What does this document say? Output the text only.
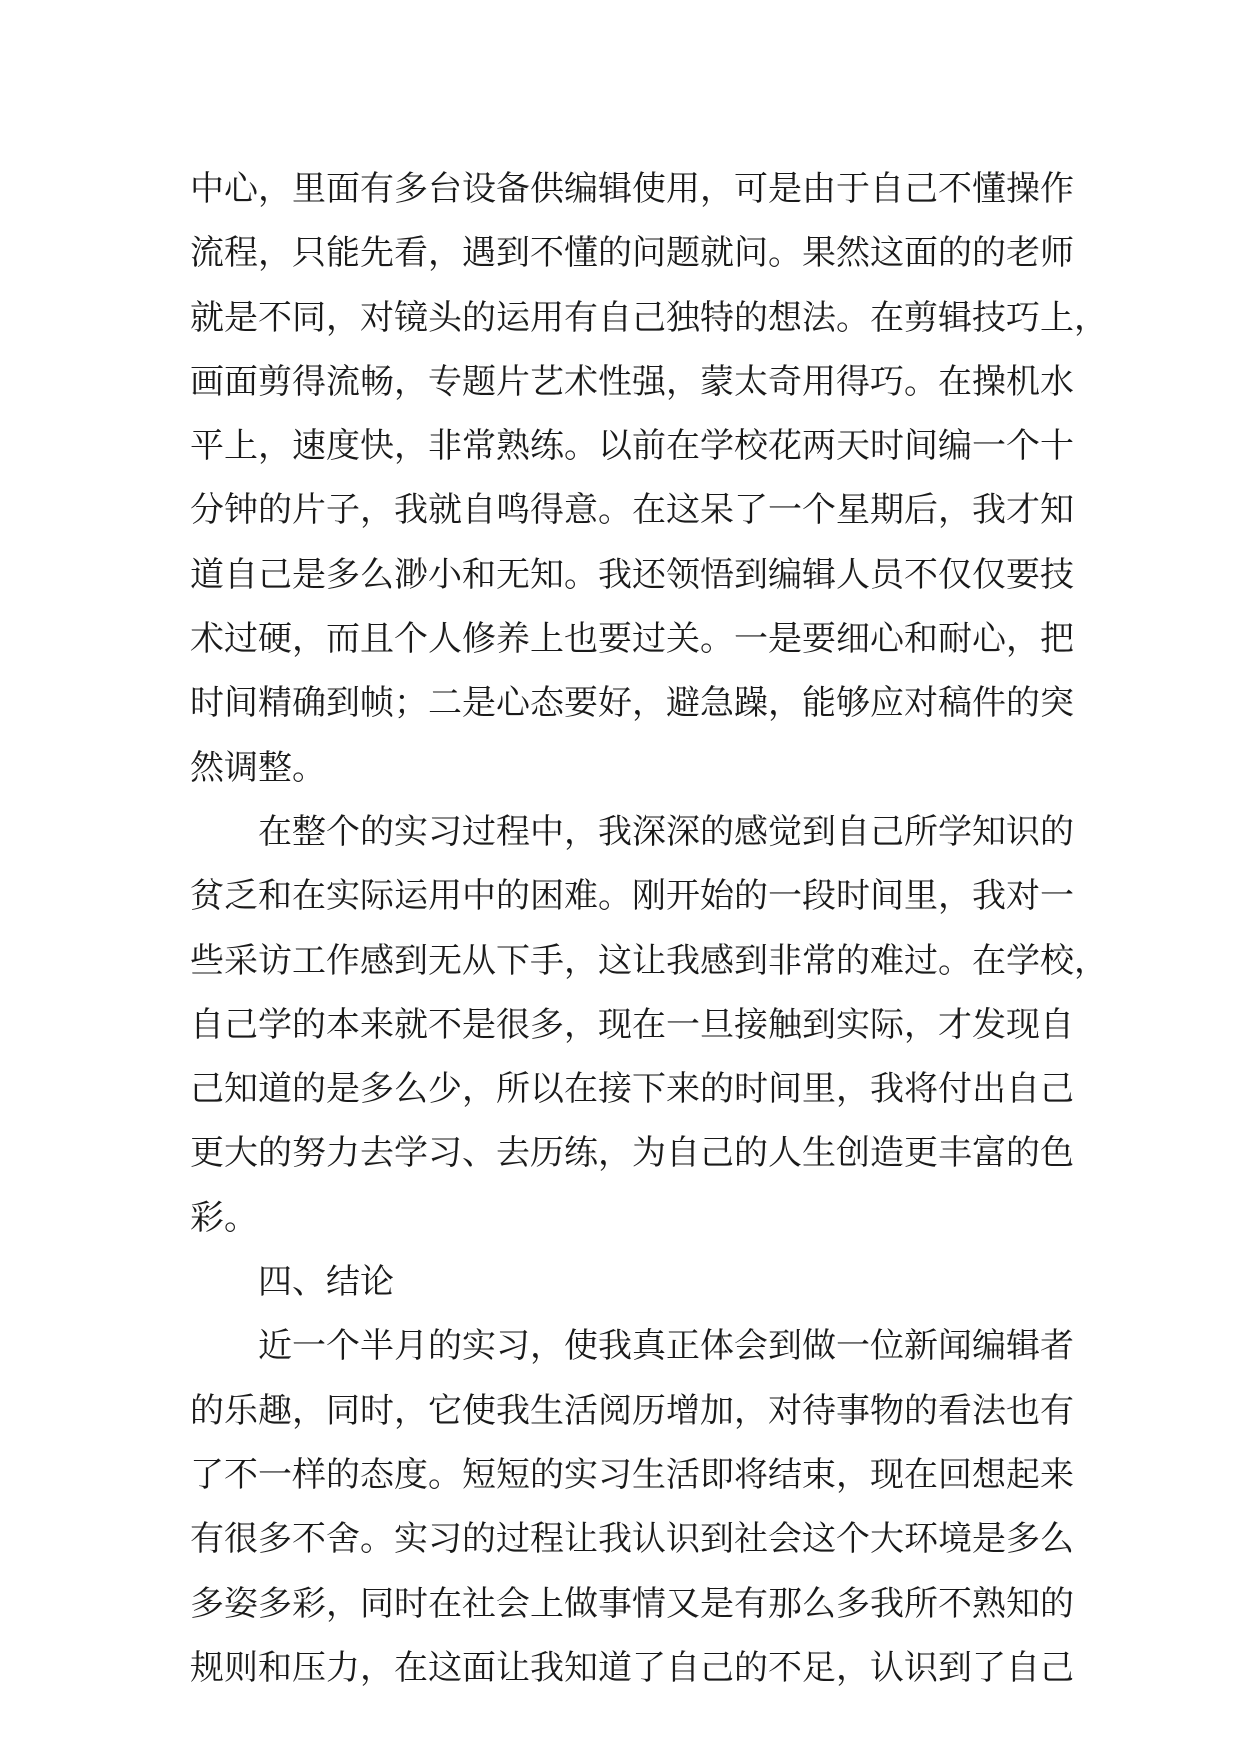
中心，里面有多台设备供编辑使用，可是由于自己不懂操作
流程，只能先看，遇到不懂的问题就问。果然这面的的老师
就是不同，对镜头的运用有自己独特的想法。在剪辑技巧上，
画面剪得流畅，专题片艺术性强，蒙太奇用得巧。在操机水
平上，速度快，非常熟练。以前在学校花两天时间编一个十
分钟的片子，我就自鸣得意。在这呆了一个星期后，我才知
道自己是多么渺小和无知。我还领悟到编辑人员不仅仅要技
术过硬，而且个人修养上也要过关。一是要细心和耐心，把
时间精确到帧；二是心态要好，避急躁，能够应对稿件的突
然调整。
在整个的实习过程中，我深深的感觉到自己所学知识的
贫乏和在实际运用中的困难。刚开始的一段时间里，我对一
些采访工作感到无从下手，这让我感到非常的难过。在学校，
自己学的本来就不是很多，现在一旦接触到实际，才发现自
己知道的是多么少，所以在接下来的时间里，我将付出自己
更大的努力去学习、去历练，为自己的人生创造更丰富的色
彩。
四、结论
近一个半月的实习，使我真正体会到做一位新闻编辑者
的乐趣，同时，它使我生活阅历增加，对待事物的看法也有
了不一样的态度。短短的实习生活即将结束，现在回想起来
有很多不舍。实习的过程让我认识到社会这个大环境是多么
多姿多彩，同时在社会上做事情又是有那么多我所不熟知的
规则和压力，在这面让我知道了自己的不足，认识到了自己
